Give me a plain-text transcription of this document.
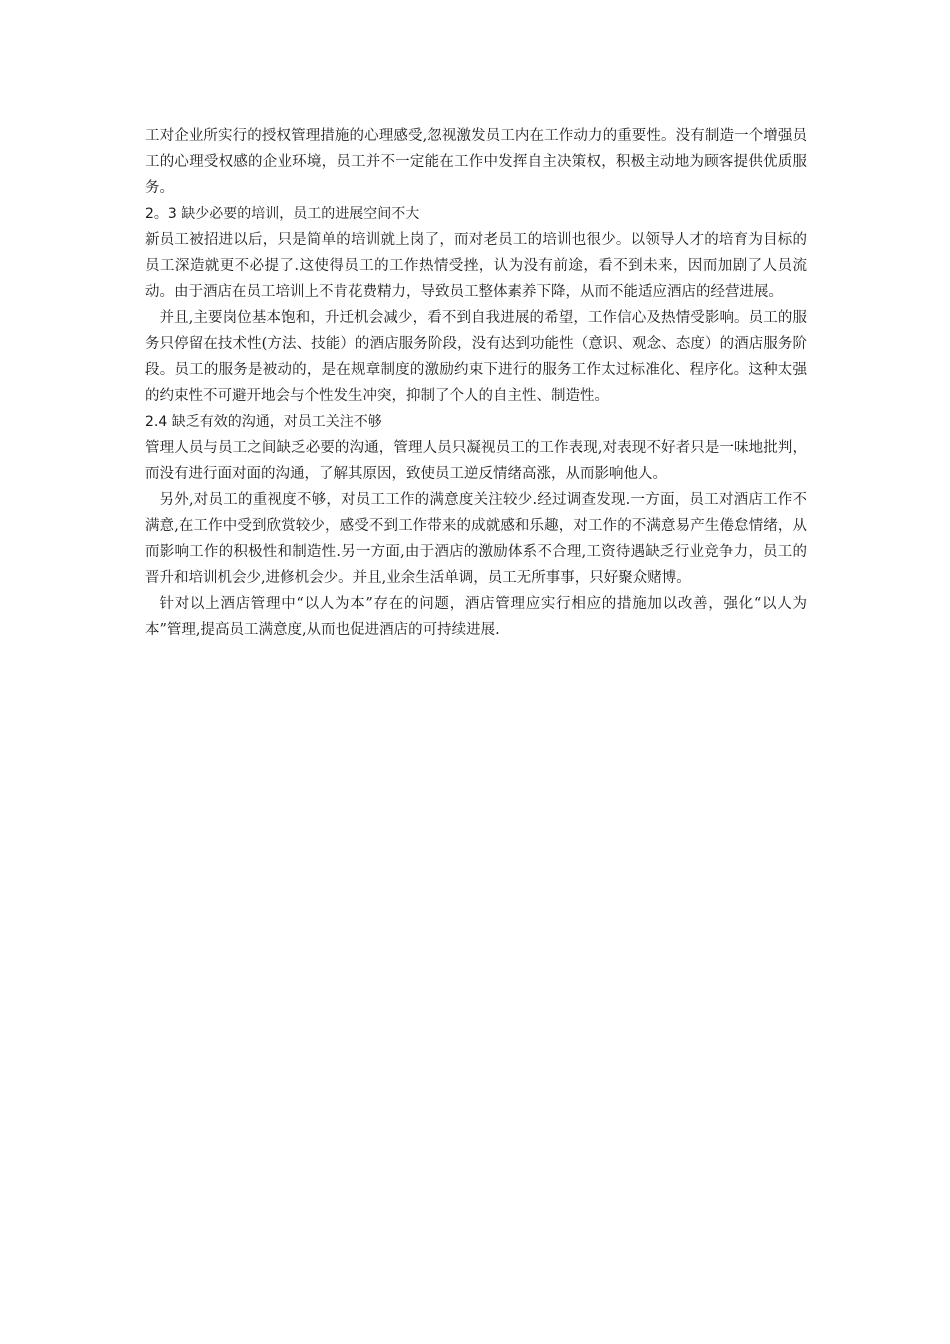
工对企业所实行的授权管理措施的心理感受,忽视激发员工内在工作动力的重要性。没有制造一个增强员工的心理受权感的企业环境，员工并不一定能在工作中发挥自主决策权，积极主动地为顾客提供优质服务。

2。3 缺少必要的培训，员工的进展空间不大

新员工被招进以后，只是简单的培训就上岗了，而对老员工的培训也很少。以领导人才的培育为目标的员工深造就更不必提了.这使得员工的工作热情受挫，认为没有前途，看不到未来，因而加剧了人员流动。由于酒店在员工培训上不肯花费精力，导致员工整体素养下降，从而不能适应酒店的经营进展。

并且,主要岗位基本饱和，升迁机会减少，看不到自我进展的希望，工作信心及热情受影响。员工的服务只停留在技术性(方法、技能）的酒店服务阶段，没有达到功能性（意识、观念、态度）的酒店服务阶段。员工的服务是被动的，是在规章制度的激励约束下进行的服务工作太过标准化、程序化。这种太强的约束性不可避开地会与个性发生冲突，抑制了个人的自主性、制造性。

2.4 缺乏有效的沟通，对员工关注不够

管理人员与员工之间缺乏必要的沟通，管理人员只凝视员工的工作表现,对表现不好者只是一味地批判，而没有进行面对面的沟通，了解其原因，致使员工逆反情绪高涨，从而影响他人。

另外,对员工的重视度不够，对员工工作的满意度关注较少.经过调查发现.一方面，员工对酒店工作不满意,在工作中受到欣赏较少，感受不到工作带来的成就感和乐趣，对工作的不满意易产生倦怠情绪，从而影响工作的积极性和制造性.另一方面,由于酒店的激励体系不合理,工资待遇缺乏行业竞争力，员工的晋升和培训机会少,进修机会少。并且,业余生活单调，员工无所事事，只好聚众赌博。

针对以上酒店管理中“以人为本”存在的问题，酒店管理应实行相应的措施加以改善，强化“以人为本”管理,提高员工满意度,从而也促进酒店的可持续进展.
